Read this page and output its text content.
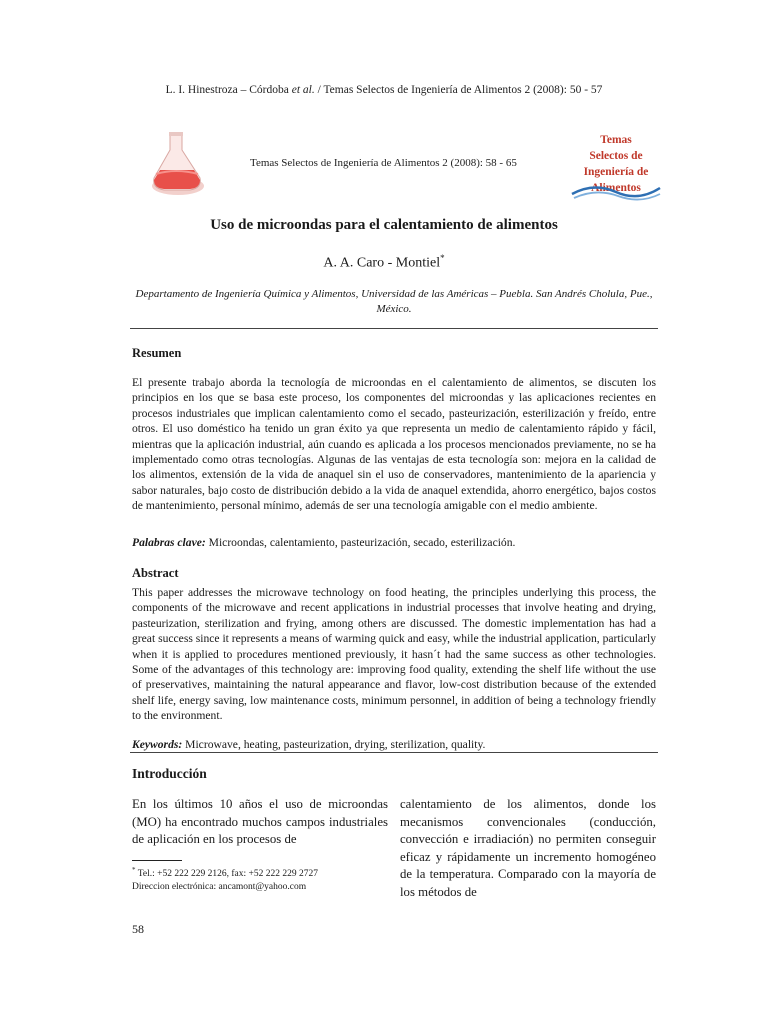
L. I. Hinestroza – Córdoba et al. / Temas Selectos de Ingeniería de Alimentos 2 (2008): 50 - 57
Temas Selectos de Ingeniería de Alimentos 2 (2008): 58 - 65
Temas
Selectos de
Ingeniería de
Alimentos
Uso de microondas para el calentamiento de alimentos
A. A. Caro - Montiel*
Departamento de Ingeniería Química y Alimentos, Universidad de las Américas – Puebla. San Andrés Cholula, Pue., México.
Resumen
El presente trabajo aborda la tecnología de microondas en el calentamiento de alimentos, se discuten los principios en los que se basa este proceso, los componentes del microondas y las aplicaciones recientes en procesos industriales que implican calentamiento como el secado, pasteurización, esterilización y freído, entre otros. El uso doméstico ha tenido un gran éxito ya que representa un medio de calentamiento rápido y fácil, mientras que la aplicación industrial, aún cuando es aplicada a los procesos mencionados previamente, no se ha implementado como otras tecnologías. Algunas de las ventajas de esta tecnología son: mejora en la calidad de los alimentos, extensión de la vida de anaquel sin el uso de conservadores, mantenimiento de la apariencia y sabor naturales, bajo costo de distribución debido a la vida de anaquel extendida, ahorro energético, bajos costos de mantenimiento, personal mínimo, además de ser una tecnología amigable con el medio ambiente.
Palabras clave: Microondas, calentamiento, pasteurización, secado, esterilización.
Abstract
This paper addresses the microwave technology on food heating, the principles underlying this process, the components of the microwave and recent applications in industrial processes that involve heating and drying, pasteurization, sterilization and frying, among others are discussed. The domestic implementation has had a great success since it represents a means of warming quick and easy, while the industrial application, particularly when it is applied to procedures mentioned previously, it hasn´t had the same success as other technologies. Some of the advantages of this technology are: improving food quality, extending the shelf life without the use of preservatives, maintaining the natural appearance and flavor, low-cost distribution because of the extended shelf life, energy saving, low maintenance costs, minimum personnel, in addition of being a technology friendly to the environment.
Keywords: Microwave, heating, pasteurization, drying, sterilization, quality.
Introducción
En los últimos 10 años el uso de microondas (MO) ha encontrado muchos campos industriales de aplicación en los procesos de
calentamiento de los alimentos, donde los mecanismos convencionales (conducción, convección e irradiación) no permiten conseguir eficaz y rápidamente un incremento homogéneo de la temperatura. Comparado con la mayoría de los métodos de
* Tel.: +52 222 229 2126, fax: +52 222 229 2727
Direccion electrónica: ancamont@yahoo.com
58
